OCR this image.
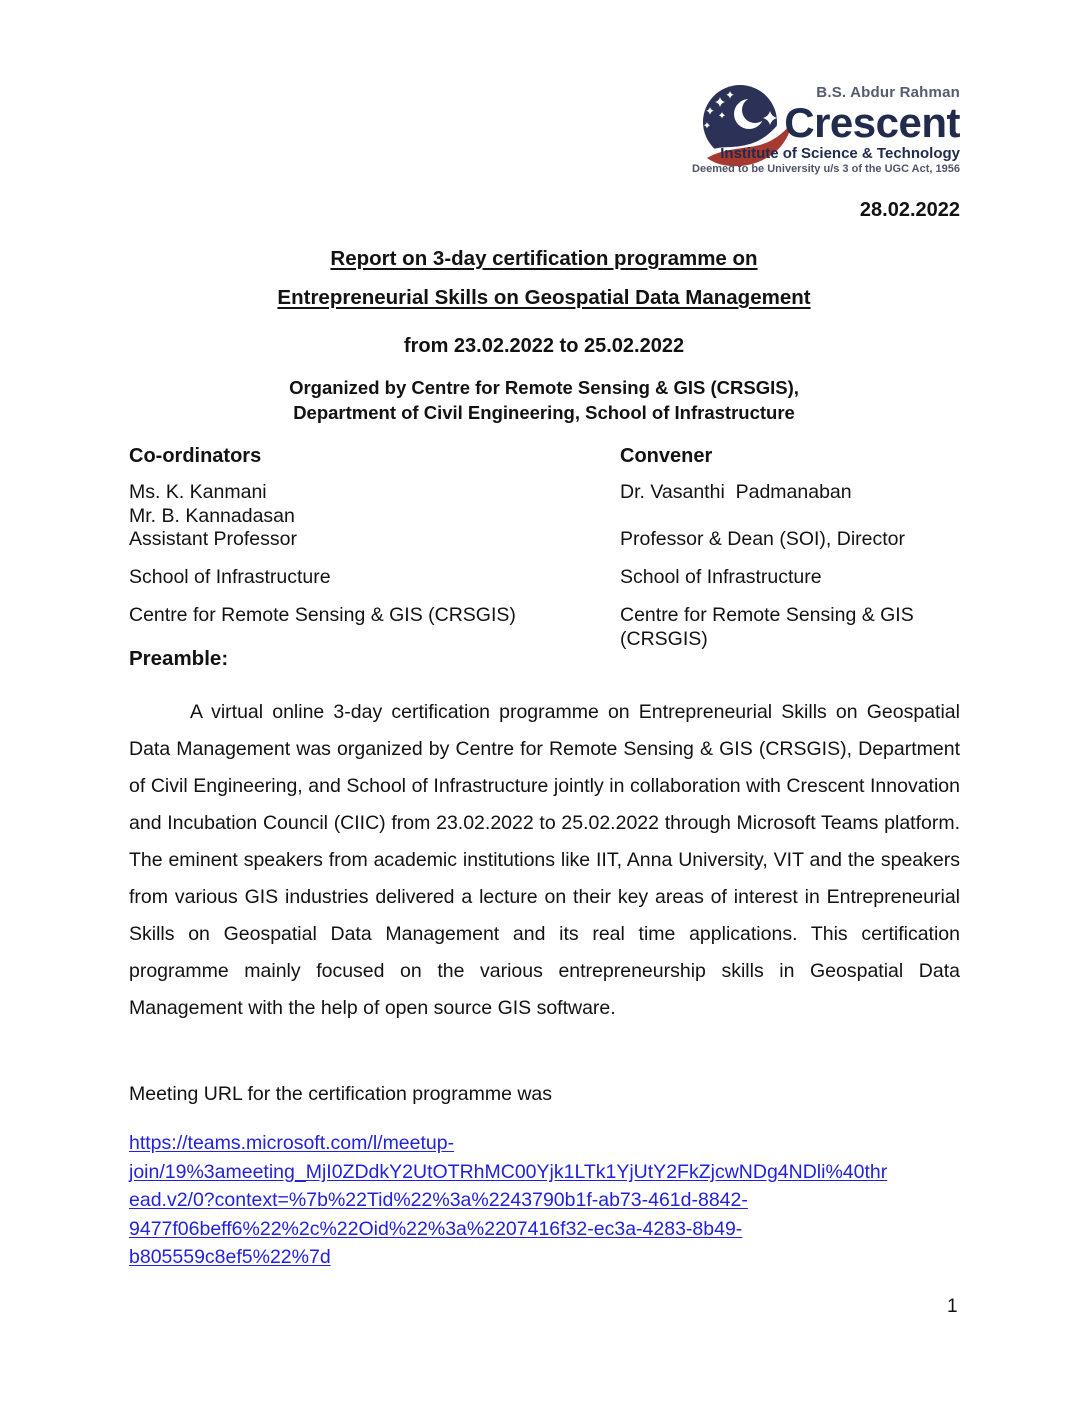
B.S. Abdur Rahman
Crescent
Institute of Science & Technology
Deemed to be University u/s 3 of the UGC Act, 1956
28.02.2022
Report on 3-day certification programme on
Entrepreneurial Skills on Geospatial Data Management
from 23.02.2022 to 25.02.2022
Organized by Centre for Remote Sensing & GIS (CRSGIS),
Department of Civil Engineering, School of Infrastructure
Co-ordinators
Ms. K. Kanmani
Mr. B. Kannadasan
Assistant Professor
School of Infrastructure
Centre for Remote Sensing & GIS (CRSGIS)
Convener
Dr. Vasanthi  Padmanaban

Professor & Dean (SOI), Director
School of Infrastructure
Centre for Remote Sensing & GIS
(CRSGIS)
Preamble:
A virtual online 3-day certification programme on Entrepreneurial Skills on Geospatial Data Management was organized by Centre for Remote Sensing & GIS (CRSGIS), Department of Civil Engineering, and School of Infrastructure jointly in collaboration with Crescent Innovation and Incubation Council (CIIC) from 23.02.2022 to 25.02.2022 through Microsoft Teams platform. The eminent speakers from academic institutions like IIT, Anna University, VIT and the speakers from various GIS industries delivered a lecture on their key areas of interest in Entrepreneurial Skills on Geospatial Data Management and its real time applications. This certification programme mainly focused on the various entrepreneurship skills in Geospatial Data Management with the help of open source GIS software.
Meeting URL for the certification programme was
https://teams.microsoft.com/l/meetup-
join/19%3ameeting_MjI0ZDdkY2UtOTRhMC00Yjk1LTk1YjUtY2FkZjcwNDg4NDli%40thr
ead.v2/0?context=%7b%22Tid%22%3a%2243790b1f-ab73-461d-8842-
9477f06beff6%22%2c%22Oid%22%3a%2207416f32-ec3a-4283-8b49-
b805559c8ef5%22%7d
1
